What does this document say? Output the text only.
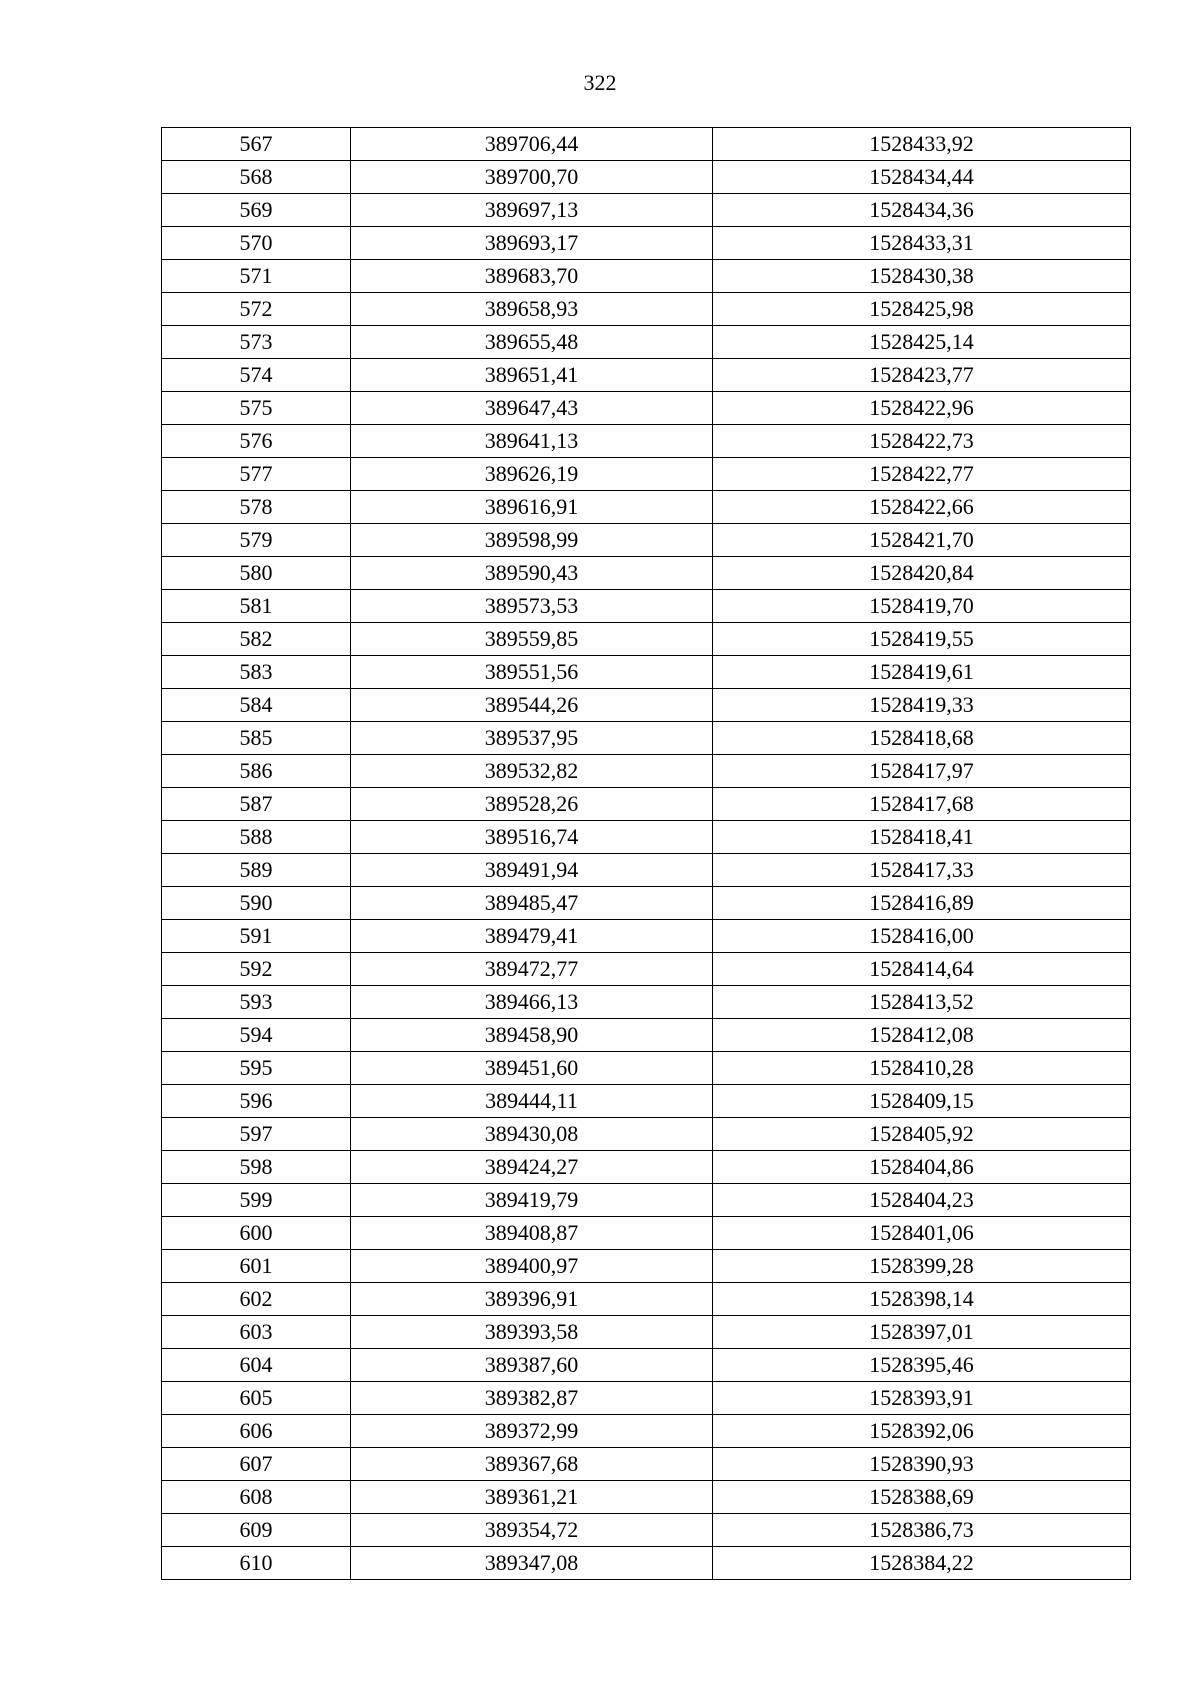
322
567	389706,44	1528433,92
568	389700,70	1528434,44
569	389697,13	1528434,36
570	389693,17	1528433,31
571	389683,70	1528430,38
572	389658,93	1528425,98
573	389655,48	1528425,14
574	389651,41	1528423,77
575	389647,43	1528422,96
576	389641,13	1528422,73
577	389626,19	1528422,77
578	389616,91	1528422,66
579	389598,99	1528421,70
580	389590,43	1528420,84
581	389573,53	1528419,70
582	389559,85	1528419,55
583	389551,56	1528419,61
584	389544,26	1528419,33
585	389537,95	1528418,68
586	389532,82	1528417,97
587	389528,26	1528417,68
588	389516,74	1528418,41
589	389491,94	1528417,33
590	389485,47	1528416,89
591	389479,41	1528416,00
592	389472,77	1528414,64
593	389466,13	1528413,52
594	389458,90	1528412,08
595	389451,60	1528410,28
596	389444,11	1528409,15
597	389430,08	1528405,92
598	389424,27	1528404,86
599	389419,79	1528404,23
600	389408,87	1528401,06
601	389400,97	1528399,28
602	389396,91	1528398,14
603	389393,58	1528397,01
604	389387,60	1528395,46
605	389382,87	1528393,91
606	389372,99	1528392,06
607	389367,68	1528390,93
608	389361,21	1528388,69
609	389354,72	1528386,73
610	389347,08	1528384,22
